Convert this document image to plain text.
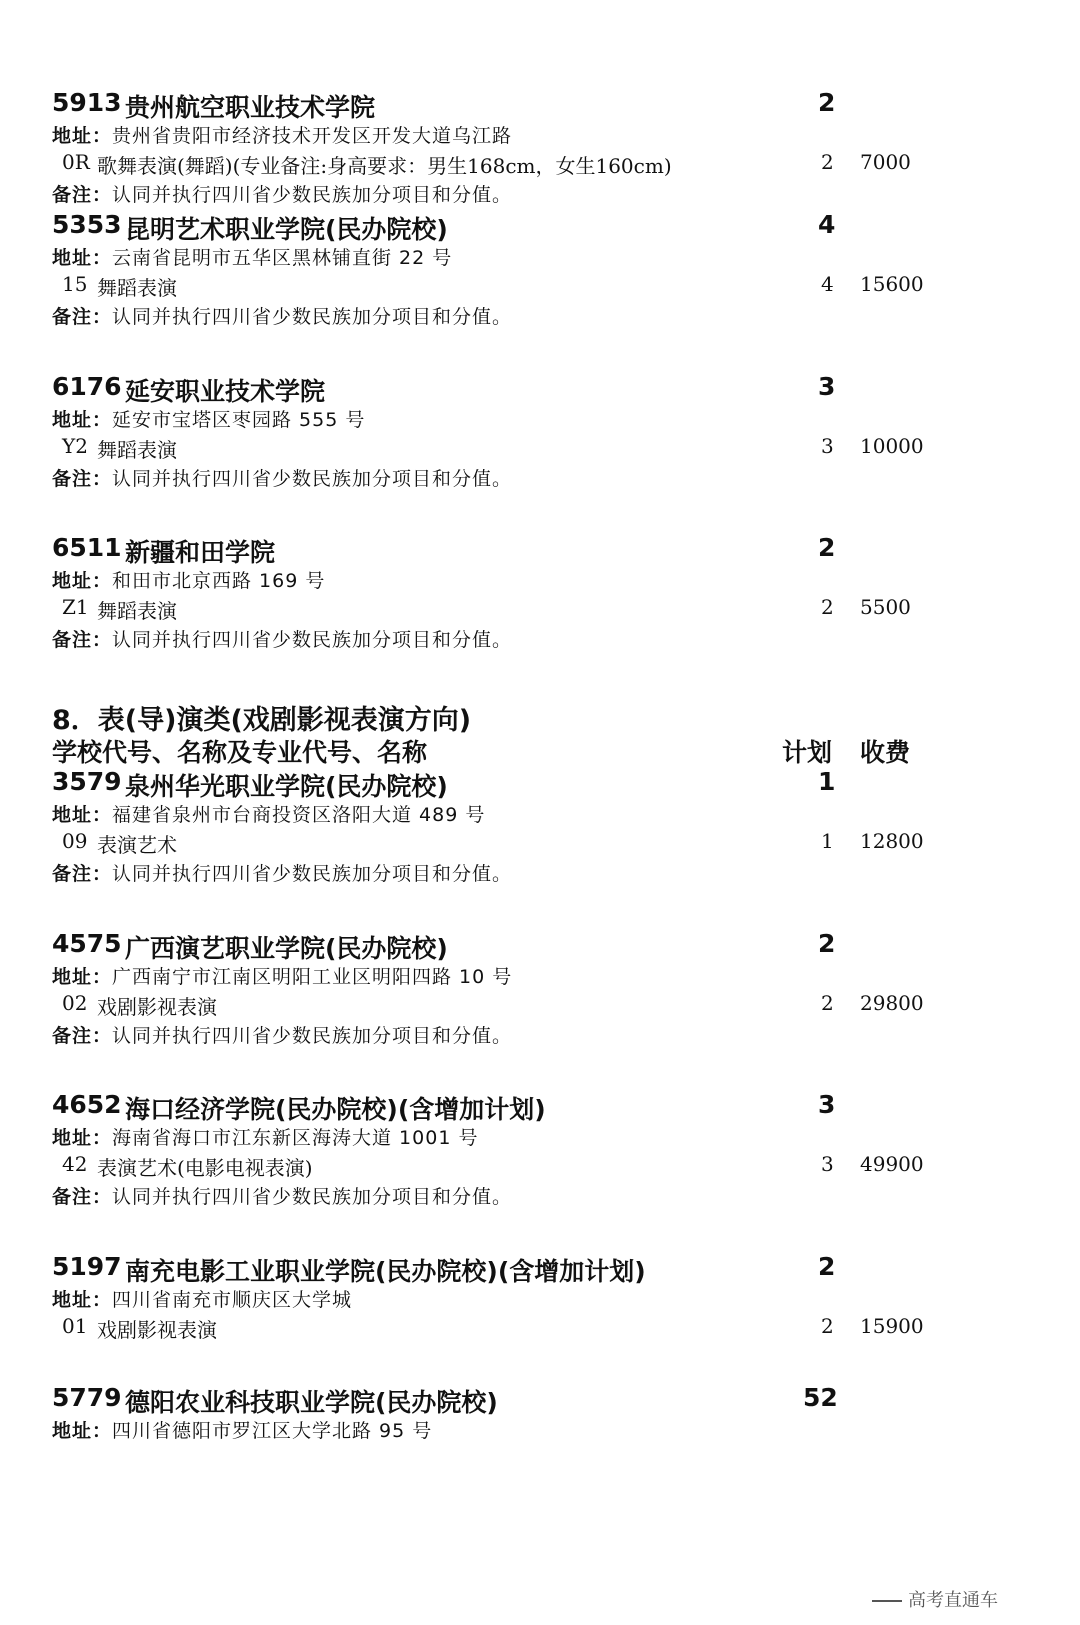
5913 贵州航空职业技术学院	2
地址：贵州省贵阳市经济技术开发区开发大道乌江路
0R 歌舞表演(舞蹈)(专业备注:身高要求：男生168cm，女生160cm)	2 7000
备注：认同并执行四川省少数民族加分项目和分值。
5353 昆明艺术职业学院(民办院校)	4
地址：云南省昆明市五华区黑林铺直街 22 号
15 舞蹈表演	4 15600
备注：认同并执行四川省少数民族加分项目和分值。
6176 延安职业技术学院	3
地址：延安市宝塔区枣园路 555 号
Y2 舞蹈表演	3 10000
备注：认同并执行四川省少数民族加分项目和分值。
6511 新疆和田学院	2
地址：和田市北京西路 169 号
Z1 舞蹈表演	2 5500
备注：认同并执行四川省少数民族加分项目和分值。
8．表(导)演类(戏剧影视表演方向)
学校代号、名称及专业代号、名称	计划 收费
3579 泉州华光职业学院(民办院校)	1
地址：福建省泉州市台商投资区洛阳大道 489 号
09 表演艺术	1 12800
备注：认同并执行四川省少数民族加分项目和分值。
4575 广西演艺职业学院(民办院校)	2
地址：广西南宁市江南区明阳工业区明阳四路 10 号
02 戏剧影视表演	2 29800
备注：认同并执行四川省少数民族加分项目和分值。
4652 海口经济学院(民办院校)(含增加计划)	3
地址：海南省海口市江东新区海涛大道 1001 号
42 表演艺术(电影电视表演)	3 49900
备注：认同并执行四川省少数民族加分项目和分值。
5197 南充电影工业职业学院(民办院校)(含增加计划)	2
地址：四川省南充市顺庆区大学城
01 戏剧影视表演	2 15900
5779 德阳农业科技职业学院(民办院校)	52
地址：四川省德阳市罗江区大学北路 95 号
高考直通车
